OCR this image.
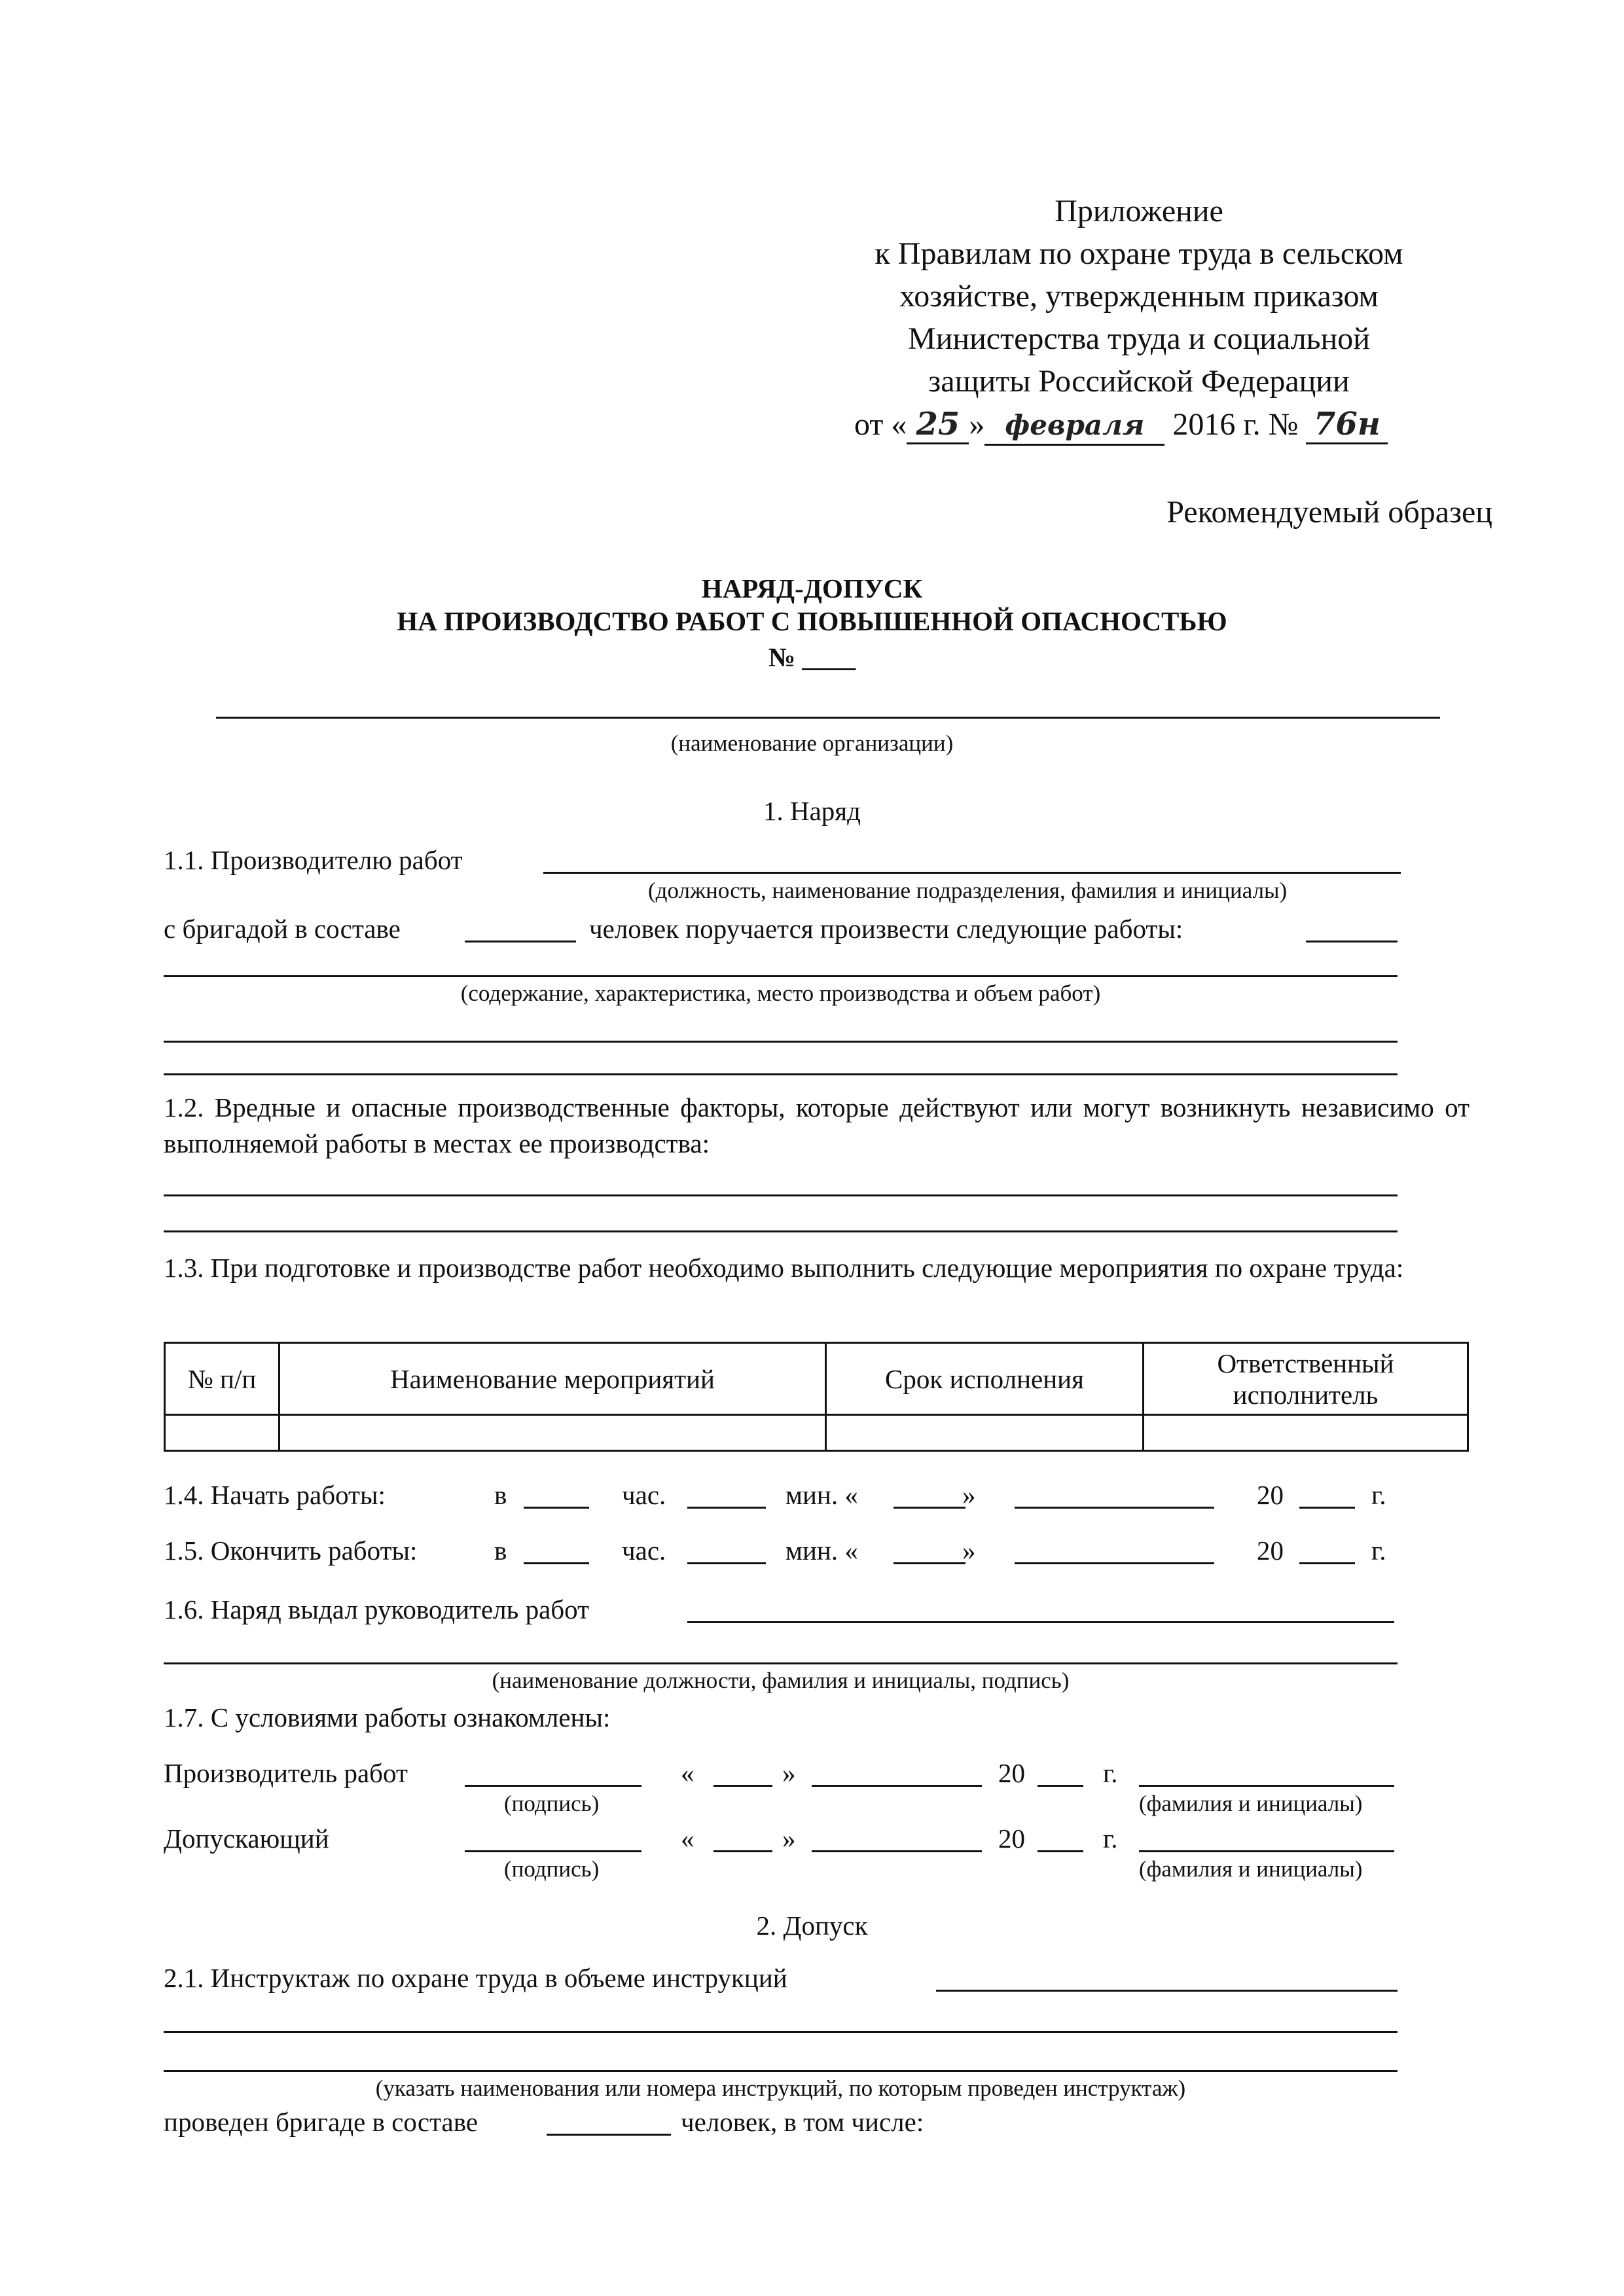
Приложение
к Правилам по охране труда в сельском
хозяйстве, утвержденным приказом
Министерства труда и социальной
защиты Российской Федерации
от « 25 » февраля 2016 г. № 76н
Рекомендуемый образец
НАРЯД-ДОПУСК
НА ПРОИЗВОДСТВО РАБОТ С ПОВЫШЕННОЙ ОПАСНОСТЬЮ
№ ____
(наименование организации)
1. Наряд
1.1. Производителю работ
(должность, наименование подразделения, фамилия и инициалы)
с бригадой в составе	человек поручается произвести следующие работы:
(содержание, характеристика, место производства и объем работ)
1.2. Вредные и опасные производственные факторы, которые действуют или могут возникнуть независимо от выполняемой работы в местах ее производства:
1.3. При подготовке и производстве работ необходимо выполнить следующие мероприятия по охране труда:
№ п/п	Наименование мероприятий	Срок исполнения	Ответственный исполнитель

1.4. Начать работы:
1.5. Окончить работы:
в	час.	мин. «	»	20	г.
в	час.	мин. «	»	20	г.
1.6. Наряд выдал руководитель работ
(наименование должности, фамилия и инициалы, подпись)
1.7. С условиями работы ознакомлены:
Производитель работ
(подпись)
«	»	20	г.
(фамилия и инициалы)
Допускающий
(подпись)
«	»	20	г.
(фамилия и инициалы)
2. Допуск
2.1. Инструктаж по охране труда в объеме инструкций
(указать наименования или номера инструкций, по которым проведен инструктаж)
проведен бригаде в составе	человек, в том числе:
